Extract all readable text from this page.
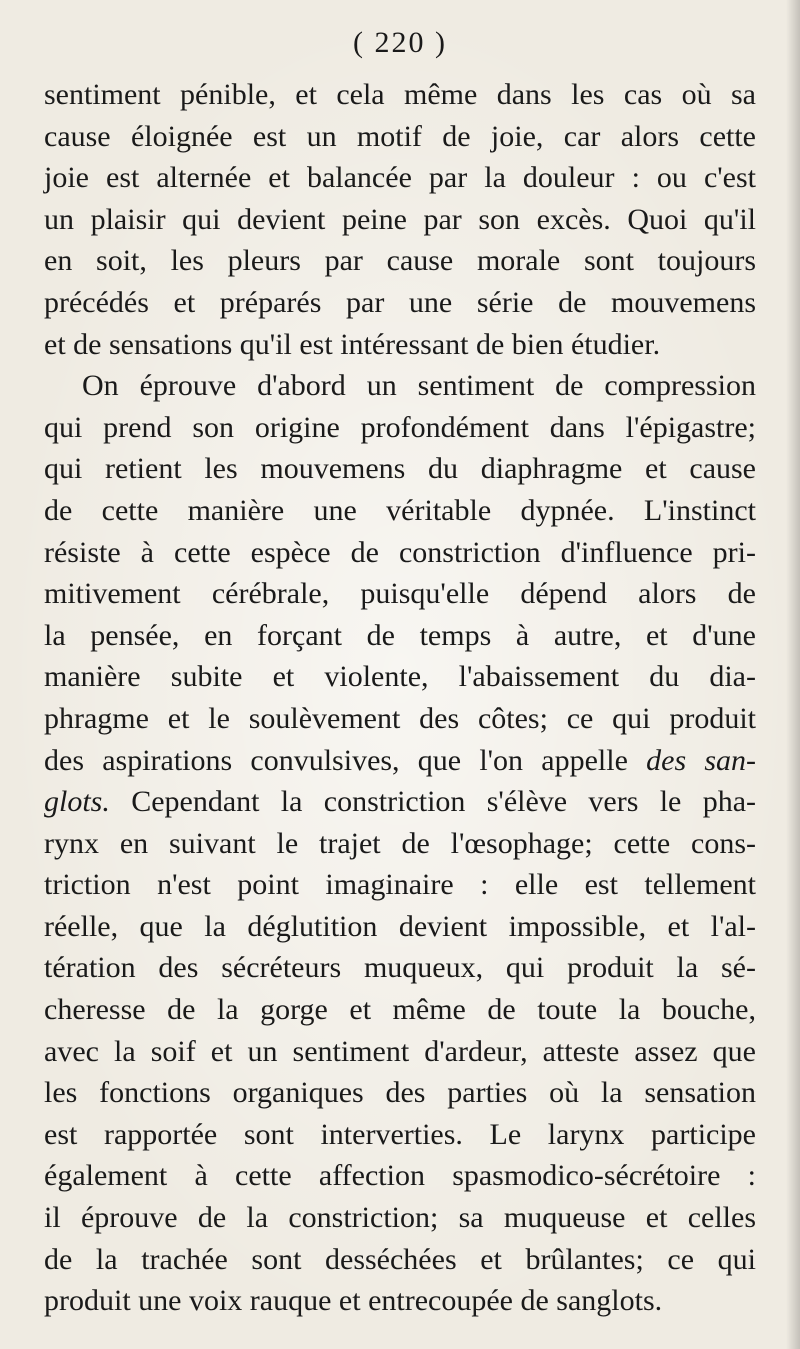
( 220 )
sentiment pénible, et cela même dans les cas où sa
cause éloignée est un motif de joie, car alors cette
joie est alternée et balancée par la douleur : ou c'est
un plaisir qui devient peine par son excès. Quoi qu'il
en soit, les pleurs par cause morale sont toujours
précédés et préparés par une série de mouvemens
et de sensations qu'il est intéressant de bien étudier.
On éprouve d'abord un sentiment de compression
qui prend son origine profondément dans l'épigastre;
qui retient les mouvemens du diaphragme et cause
de cette manière une véritable dypnée. L'instinct
résiste à cette espèce de constriction d'influence pri-
mitivement cérébrale, puisqu'elle dépend alors de
la pensée, en forçant de temps à autre, et d'une
manière subite et violente, l'abaissement du dia-
phragme et le soulèvement des côtes; ce qui produit
des aspirations convulsives, que l'on appelle des san-
glots. Cependant la constriction s'élève vers le pha-
rynx en suivant le trajet de l'œsophage; cette cons-
triction n'est point imaginaire : elle est tellement
réelle, que la déglutition devient impossible, et l'al-
tération des sécréteurs muqueux, qui produit la sé-
cheresse de la gorge et même de toute la bouche,
avec la soif et un sentiment d'ardeur, atteste assez que
les fonctions organiques des parties où la sensation
est rapportée sont interverties. Le larynx participe
également à cette affection spasmodico-sécrétoire :
il éprouve de la constriction; sa muqueuse et celles
de la trachée sont desséchées et brûlantes; ce qui
produit une voix rauque et entrecoupée de sanglots.
